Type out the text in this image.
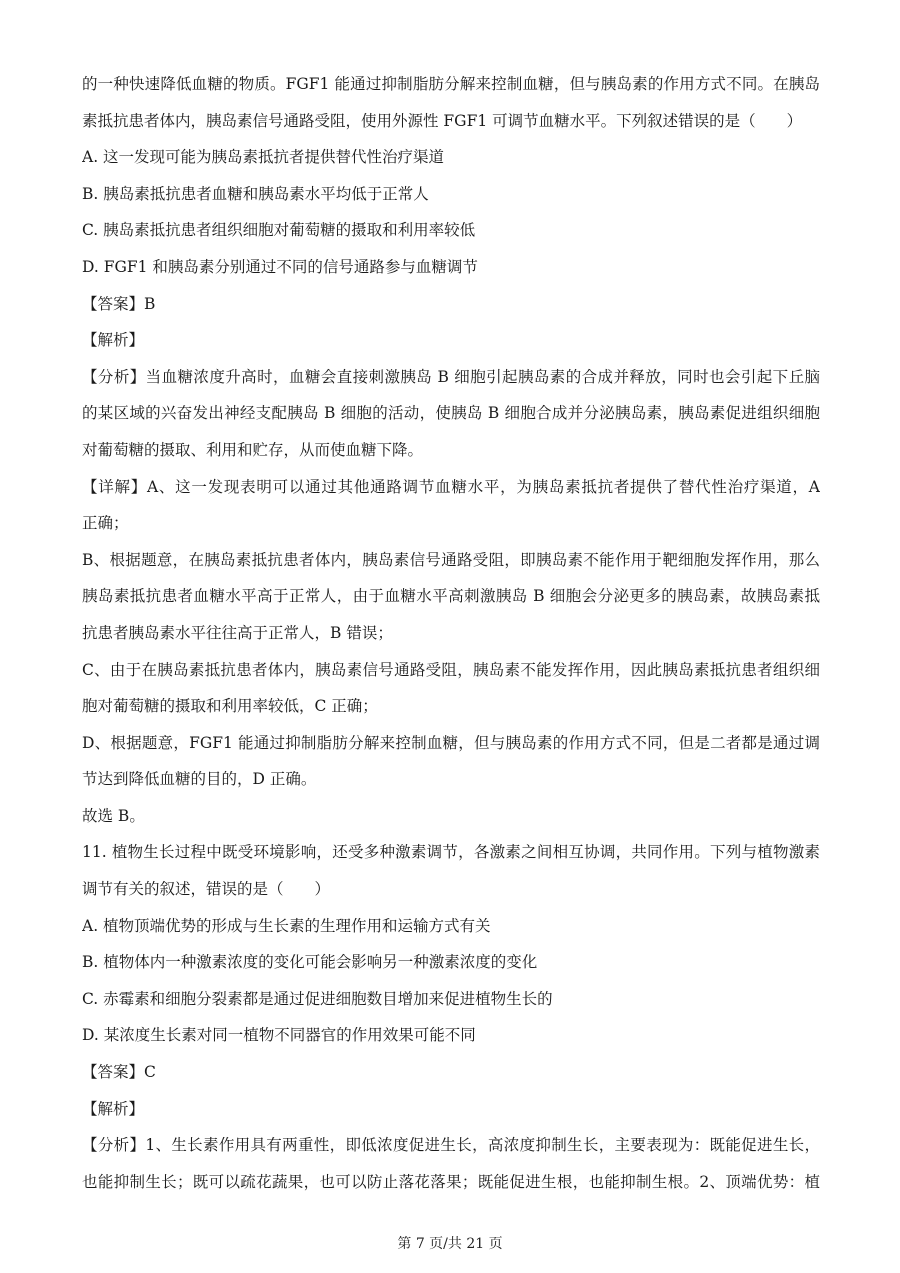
的一种快速降低血糖的物质。FGF1 能通过抑制脂肪分解来控制血糖，但与胰岛素的作用方式不同。在胰岛
素抵抗患者体内，胰岛素信号通路受阻，使用外源性 FGF1 可调节血糖水平。下列叙述错误的是（　　）
A. 这一发现可能为胰岛素抵抗者提供替代性治疗渠道
B. 胰岛素抵抗患者血糖和胰岛素水平均低于正常人
C. 胰岛素抵抗患者组织细胞对葡萄糖的摄取和利用率较低
D. FGF1 和胰岛素分别通过不同的信号通路参与血糖调节
【答案】B
【解析】
【分析】当血糖浓度升高时，血糖会直接刺激胰岛 B 细胞引起胰岛素的合成并释放，同时也会引起下丘脑
的某区域的兴奋发出神经支配胰岛 B 细胞的活动，使胰岛 B 细胞合成并分泌胰岛素，胰岛素促进组织细胞
对葡萄糖的摄取、利用和贮存，从而使血糖下降。
【详解】A、这一发现表明可以通过其他通路调节血糖水平，为胰岛素抵抗者提供了替代性治疗渠道，A
正确；
B、根据题意，在胰岛素抵抗患者体内，胰岛素信号通路受阻，即胰岛素不能作用于靶细胞发挥作用，那么
胰岛素抵抗患者血糖水平高于正常人，由于血糖水平高刺激胰岛 B 细胞会分泌更多的胰岛素，故胰岛素抵
抗患者胰岛素水平往往高于正常人，B 错误；
C、由于在胰岛素抵抗患者体内，胰岛素信号通路受阻，胰岛素不能发挥作用，因此胰岛素抵抗患者组织细
胞对葡萄糖的摄取和利用率较低，C 正确；
D、根据题意，FGF1 能通过抑制脂肪分解来控制血糖，但与胰岛素的作用方式不同，但是二者都是通过调
节达到降低血糖的目的，D 正确。
故选 B。
11. 植物生长过程中既受环境影响，还受多种激素调节，各激素之间相互协调，共同作用。下列与植物激素
调节有关的叙述，错误的是（　　）
A. 植物顶端优势的形成与生长素的生理作用和运输方式有关
B. 植物体内一种激素浓度的变化可能会影响另一种激素浓度的变化
C. 赤霉素和细胞分裂素都是通过促进细胞数目增加来促进植物生长的
D. 某浓度生长素对同一植物不同器官的作用效果可能不同
【答案】C
【解析】
【分析】1、生长素作用具有两重性，即低浓度促进生长，高浓度抑制生长，主要表现为：既能促进生长，
也能抑制生长；既可以疏花蔬果，也可以防止落花落果；既能促进生根，也能抑制生根。2、顶端优势：植
第 7 页/共 21 页
